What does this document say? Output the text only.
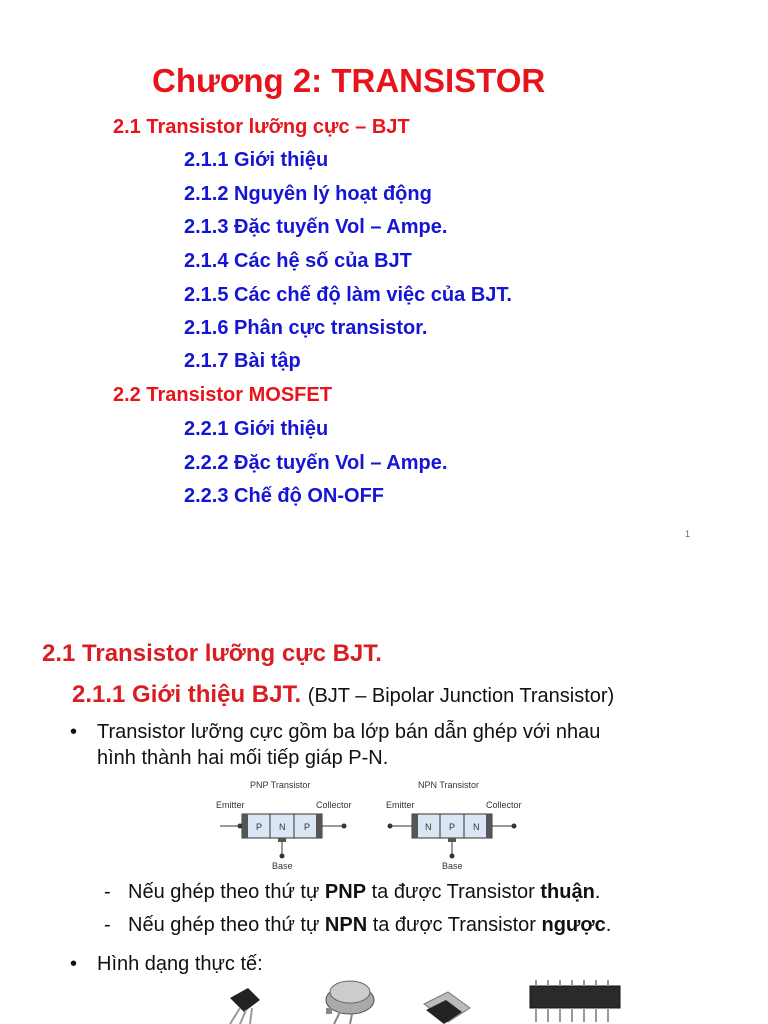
Chương 2: TRANSISTOR
2.1 Transistor lưỡng cực – BJT
2.1.1 Giới thiệu
2.1.2 Nguyên lý hoạt động
2.1.3 Đặc tuyến Vol – Ampe.
2.1.4 Các hệ số của BJT
2.1.5 Các chế độ làm việc của BJT.
2.1.6 Phân cực transistor.
2.1.7 Bài tập
2.2 Transistor MOSFET
2.2.1 Giới thiệu
2.2.2 Đặc tuyến Vol – Ampe.
2.2.3 Chế độ ON-OFF
1
2.1 Transistor lưỡng cực BJT.
2.1.1 Giới thiệu BJT. (BJT – Bipolar Junction Transistor)
• Transistor lưỡng cực gồm ba lớp bán dẫn ghép với nhau
hình thành hai mối tiếp giáp P-N.
PNP Transistor
Emitter	Collector
P N P
Base
NPN Transistor
Emitter	Collector
N P N
Base
- Nếu ghép theo thứ tự PNP ta được Transistor thuận.
- Nếu ghép theo thứ tự NPN ta được Transistor ngược.
• Hình dạng thực tế:
